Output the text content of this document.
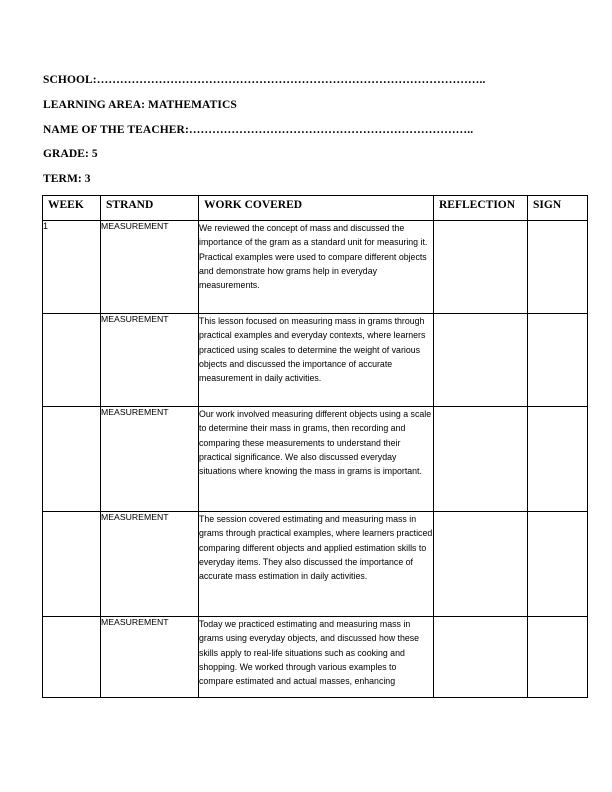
SCHOOL:………………………………………………………………………………………..
LEARNING AREA: MATHEMATICS
NAME OF THE TEACHER:………………………………………………………………..
GRADE: 5
TERM: 3
WEEK	STRAND	WORK COVERED	REFLECTION	SIGN
1	MEASUREMENT	We reviewed the concept of mass and discussed the importance of the gram as a standard unit for measuring it. Practical examples were used to compare different objects and demonstrate how grams help in everyday measurements.		

	MEASUREMENT	This lesson focused on measuring mass in grams through practical examples and everyday contexts, where learners practiced using scales to determine the weight of various objects and discussed the importance of accurate measurement in daily activities.		

	MEASUREMENT	Our work involved measuring different objects using a scale to determine their mass in grams, then recording and comparing these measurements to understand their practical significance. We also discussed everyday situations where knowing the mass in grams is important.		

	MEASUREMENT	The session covered estimating and measuring mass in grams through practical examples, where learners practiced comparing different objects and applied estimation skills to everyday items. They also discussed the importance of accurate mass estimation in daily activities.		

	MEASUREMENT	Today we practiced estimating and measuring mass in grams using everyday objects, and discussed how these skills apply to real-life situations such as cooking and shopping. We worked through various examples to compare estimated and actual masses, enhancing		
